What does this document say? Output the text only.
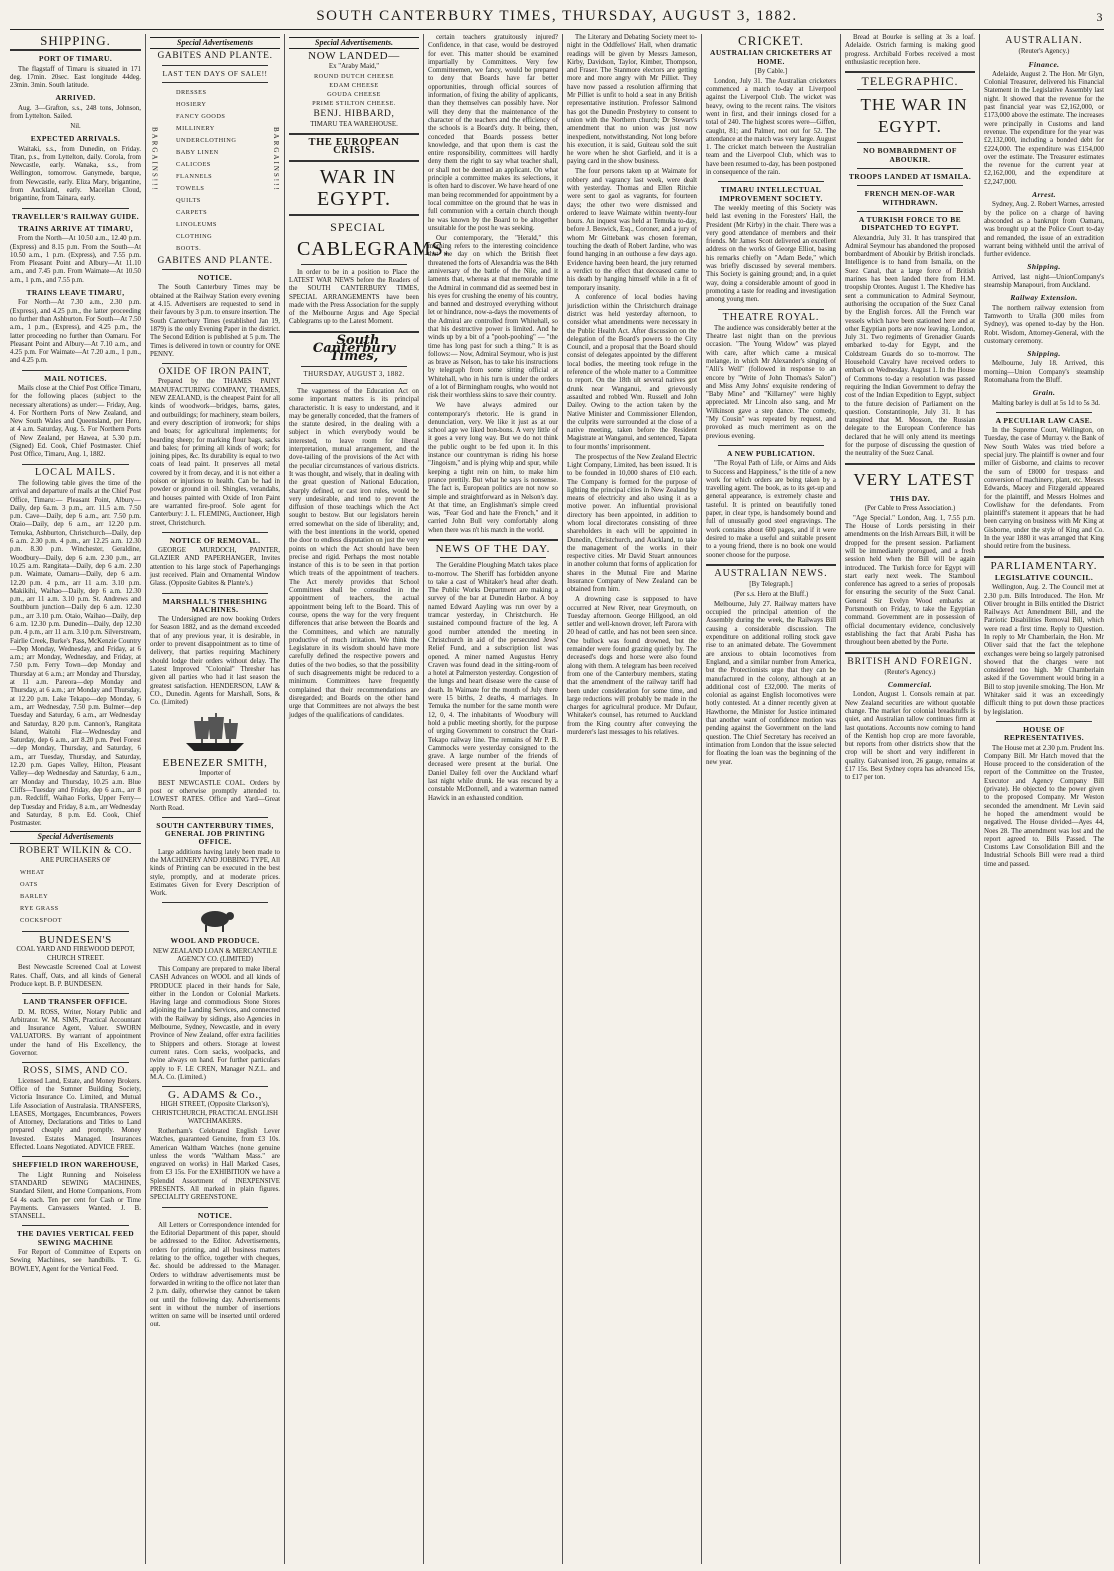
SOUTH CANTERBURY TIMES, THURSDAY, AUGUST 3, 1882.	3
SHIPPING.
PORT OF TIMARU.

The flagstaff of Timaru is situated in 171 deg. 17min. 20sec. East longitude 44deg. 23min. 3min. South latitude.

ARRIVED.

Aug. 3—Grafton, s.s., 248 tons, Johnson, from Lyttelton. Sailed.

Nil.

EXPECTED ARRIVALS.

Waitaki, s.s., from Dunedin, on Friday. Titan, p.s., from Lyttelton, daily. Corola, from Newcastle, early. Wanaka, s.s., from Wellington, tomorrow. Ganymede, barque, from Newcastle, early. Eliza Mary, brigantine, from Auckland, early. Macellan Cloud, brigantine, from Tainara, early.

TRAVELLER'S RAILWAY GUIDE.
TRAINS ARRIVE AT TIMARU,

From the North—At 10.50 a.m., 12.40 p.m. (Express) and 8.15 p.m. From the South—At 10.50 a.m., 1 p.m. (Express), and 7.55 p.m. From Pleasant Point and Albury—At 11.10 a.m., and 7.45 p.m. From Waimate—At 10.50 a.m., 1 p.m., and 7.55 p.m.

TRAINS LEAVE TIMARU,

For North—At 7.30 a.m., 2.30 p.m. (Express), and 4.25 p.m., the latter proceeding no further than Ashburton. For South—At 7.50 a.m., 1 p.m., (Express), and 4.25 p.m., the latter proceeding no further than Oamaru. For Pleasant Point and Albury—At 7.10 a.m., and 4.25 p.m. For Waimate—At 7.20 a.m., 1 p.m., and 4.25 p.m.

MAIL NOTICES.

Mails close at the Chief Post Office Timaru, for the following places (subject to the necessary alterations) as under:— Friday, Aug. 4. For Northern Ports of New Zealand, and New South Wales and Queensland, per Hero, at 4 a.m. Saturday, Aug. 5. For Northern Ports of New Zealand, per Hawea, at 5.30 p.m. (Signed) Ed. Cook, Chief Postmaster. Chief Post Office, Timaru, Aug. 1, 1882.

LOCAL MAILS.

The following table gives the time of the arrival and departure of mails at the Chief Post Office, Timaru:— Pleasant Point, Albury—Daily, dep 6a.m. 3 p.m., arr. 11.5 a.m. 7.50 p.m. Cave—Daily, dep 6 a.m., arr. 7.50 p.m. Otaio—Daily, dep 6 a.m., arr 12.20 p.m. Temuka, Ashburton, Christchurch—Daily, dep 6 a.m. 2.30 p.m. 4 p.m., arr 12.25 a.m. 12.30 p.m. 8.30 p.m. Winchester, Geraldine, Woodbury—Daily, dep 6 a.m. 2.30 p.m., arr 10.25 a.m. Rangitata—Daily, dep 6 a.m. 2.30 p.m. Waimate, Oamaru—Daily, dep 6 a.m. 12.20 p.m. 4 p.m., arr 11 a.m. 3.10 p.m. Makikihi, Waihao—Daily, dep 6 a.m. 12.30 p.m., arr 11 a.m. 3.10 p.m. St. Andrews and Southburn junction—Daily dep 6 a.m. 12.30 p.m., arr 3.10 p.m. Otaio, Waihao—Daily, dep 6 a.m. 12.30 p.m. Dunedin—Daily, dep 12.30 p.m. 4 p.m., arr 11 a.m. 3.10 p.m. Silverstream, Fairlie Creek, Burke's Pass, McKenzie Country—Dep Monday, Wednesday, and Friday, at 6 a.m.; arr Monday, Wednesday, and Friday, at 7.50 p.m. Ferry Town—dep Monday and Thursday at 6 a.m.; arr Monday and Thursday, at 11 a.m. Pareora—dep Monday and Thursday, at 6 a.m.; arr Monday and Thursday, at 12.20 p.m. Lake Tekapo—dep Monday, 6 a.m., arr Wednesday, 7.50 p.m. Bulmer—dep Tuesday and Saturday, 6 a.m., arr Wednesday and Saturday, 8.20 p.m. Cannon's, Rangitata Island, Waitohi Flat—Wednesday and Saturday, dep 6 a.m., arr 8.20 p.m. Peel Forest—dep Monday, Thursday, and Saturday, 6 a.m., arr Tuesday, Thursday, and Saturday, 12.20 p.m. Gapes Valley, Hilton, Pleasant Valley—dep Wednesday and Saturday, 6 a.m., arr Monday and Thursday, 10.25 a.m. Blue Cliffs—Tuesday and Friday, dep 6 a.m., arr 8 p.m. Redcliff, Waihao Forks, Upper Ferry—dep Tuesday and Friday, 8 a.m., arr Wednesday and Saturday, 8 p.m. Ed. Cook, Chief Postmaster.

Special Advertisements

ROBERT WILKIN & CO.

ARE PURCHASERS OF

WHEAT
OATS
BARLEY
RYE GRASS
COCKSFOOT

BUNDESEN'S

COAL YARD AND FIREWOOD DEPOT, CHURCH STREET.

Best Newcastle Screened Coal at Lowest Rates. Chaff, Oats, and all kinds of General Produce kept. B. P. BUNDESEN.

LAND TRANSFER OFFICE.

D. M. ROSS, Writer, Notary Public and Arbitrator. W. M. SIMS, Practical Accountant and Insurance Agent, Valuer. SWORN VALUATORS. By warrant of appointment under the hand of His Excellency, the Governor.

ROSS, SIMS, AND CO.

Licensed Land, Estate, and Money Brokers. Office of the Sumner Building Society, Victoria Insurance Co. Limited, and Mutual Life Association of Australasia. TRANSFERS, LEASES, Mortgages, Encumbrances, Powers of Attorney, Declarations and Titles to Land prepared cheaply and promptly. Money Invested. Estates Managed. Insurances Effected. Loans Negotiated. ADVICE FREE.

SHEFFIELD IRON WAREHOUSE,

The Light Running and Noiseless STANDARD SEWING MACHINES, Standard Silent, and Home Companions, From £4 4s each. Ten per cent for Cash or Time Payments. Canvassers Wanted. J. B. STANSELL.

THE DAVIES VERTICAL FEED SEWING MACHINE

For Report of Committee of Experts on Sewing Machines, see handbills. T. G. BOWLEY, Agent for the Vertical Feed.

Special Advertisements

GABITES AND PLANTE.

LAST TEN DAYS OF SALE!!

BARGAINS!!!	BARGAINS!!!
DRESSES
HOSIERY
FANCY GOODS
MILLINERY
UNDERCLOTHING
BABY LINEN
CALICOES
FLANNELS
TOWELS
QUILTS
CARPETS
LINOLEUMS
CLOTHING
BOOTS.

GABITES AND PLANTE.

NOTICE.

The South Canterbury Times may be obtained at the Railway Station every evening at 4.15. Advertisers are requested to send in their favours by 3 p.m. to ensure insertion. The South Canterbury Times (established Jan 19, 1879) is the only Evening Paper in the district. The Second Edition is published at 5 p.m. The Times is delivered in town or country for ONE PENNY.

OXIDE OF IRON PAINT,

Prepared by the THAMES PAINT MANUFACTURING COMPANY, THAMES, NEW ZEALAND, is the cheapest Paint for all kinds of woodwork—bridges, barns, gates, and outbuildings; for machinery, steam boilers, and every description of ironwork; for ships and boats; for agricultural implements; for bearding sheep; for marking flour bags, sacks and bales; for priming all kinds of work; for joining pipes, &c. Its durability is equal to two coats of lead paint. It preserves all metal covered by it from decay, and it is not either a poison or injurious to health. Can be had in powder or ground in oil. Shingles, verandahs, and houses painted with Oxide of Iron Paint are warranted fire-proof. Sole agent for Canterbury: J. L. FLEMING, Auctioneer, High street, Christchurch.

NOTICE OF REMOVAL.

GEORGE MURDOCH, PAINTER, GLAZIER AND PAPERHANGER, Invites attention to his large stock of Paperhangings just received. Plain and Ornamental Window Glass. (Opposite Gabites & Plante's.)

MARSHALL'S THRESHING MACHINES.

The Undersigned are now booking Orders for Season 1882, and as the demand exceeded that of any previous year, it is desirable, in order to prevent disappointment as to time of delivery, that parties requiring Machinery should lodge their orders without delay. The Latest Improved "Colonial" Thresher has given all parties who had it last season the greatest satisfaction. HENDERSON, LAW & CO., Dunedin. Agents for Marshall, Sons, & Co. (Limited)

EBENEZER SMITH,

Importer of

BEST NEWCASTLE COAL. Orders by post or otherwise promptly attended to. LOWEST RATES. Office and Yard—Great North Road.

SOUTH CANTERBURY TIMES, GENERAL JOB PRINTING OFFICE.

Large additions having lately been made to the MACHINERY AND JOBBING TYPE, All kinds of Printing can be executed in the best style, promptly, and at moderate prices. Estimates Given for Every Description of Work.

WOOL AND PRODUCE.

NEW ZEALAND LOAN & MERCANTILE AGENCY CO. (LIMITED)

This Company are prepared to make liberal CASH Advances on WOOL and all kinds of PRODUCE placed in their hands for Sale, either in the London or Colonial Markets. Having large and commodious Stone Stores adjoining the Landing Services, and connected with the Railway by sidings, also Agencies in Melbourne, Sydney, Newcastle, and in every Province of New Zealand, offer extra facilities to Shippers and others. Storage at lowest current rates. Corn sacks, woolpacks, and twine always on hand. For further particulars apply to F. LE CREN, Manager N.Z.L. and M.A. Co. (Limited.)

G. ADAMS & Co.,

HIGH STREET, (Opposite Clarkson's), CHRISTCHURCH, PRACTICAL ENGLISH WATCHMAKERS.

Rotherham's Celebrated English Lever Watches, guaranteed Genuine, from £3 10s. American Waltham Watches (none genuine unless the words "Waltham Mass." are engraved on works) in Hall Marked Cases, from £3 15s. For the EXHIBITION we have a Splendid Assortment of INEXPENSIVE PRESENTS. All marked in plain figures. SPECIALITY GREENSTONE.

NOTICE.

All Letters or Correspondence intended for the Editorial Department of this paper, should be addressed to the Editor. Advertisements, orders for printing, and all business matters relating to the office, together with cheques, &c. should be addressed to the Manager. Orders to withdraw advertisements must be forwarded in writing to the office not later than 2 p.m. daily, otherwise they cannot be taken out until the following day. Advertisements sent in without the number of insertions written on same will be inserted until ordered out.

Special Advertisements.

NOW LANDED—

Ex "Araby Maid,"

ROUND DUTCH CHEESE
EDAM CHEESE
GOUDA CHEESE
PRIME STILTON CHEESE.

BENJ. HIBBARD,

TIMARU TEA WAREHOUSE.

THE EUROPEAN CRISIS.

WAR IN EGYPT.

SPECIAL

CABLEGRAMS.

In order to be in a position to Place the LATEST WAR NEWS before the Readers of the SOUTH CANTERBURY TIMES, SPECIAL ARRANGEMENTS have been made with the Press Association for the supply of the Melbourne Argus and Age Special Cablegrams up to the Latest Moment.

South Canterbury Times,

THURSDAY, AUGUST 3, 1882.

The vagueness of the Education Act on some important matters is its principal characteristic. It is easy to understand, and it may be generally conceded, that the framers of the statute desired, in the dealing with a subject in which everybody would be interested, to leave room for liberal interpretation, mutual arrangement, and the dove-tailing of the provisions of the Act with the peculiar circumstances of various districts. It was thought, and wisely, that in dealing with the great question of National Education, sharply defined, or cast iron rules, would be very undesirable, and tend to prevent the diffusion of those teachings which the Act sought to bestow. But our legislators herein erred somewhat on the side of liberality; and, with the best intentions in the world, opened the door to endless disputation on just the very points on which the Act should have been precise and rigid. Perhaps the most notable instance of this is to be seen in that portion which treats of the appointment of teachers. The Act merely provides that School Committees shall be consulted in the appointment of teachers, the actual appointment being left to the Board. This of course, opens the way for the very frequent differences that arise between the Boards and the Committees, and which are naturally productive of much irritation. We think the Legislature in its wisdom should have more carefully defined the respective powers and duties of the two bodies, so that the possibility of such disagreements might be reduced to a minimum. Committees have frequently complained that their recommendations are disregarded; and Boards on the other hand urge that Committees are not always the best judges of the qualifications of candidates.

certain teachers gratuitously injured? Confidence, in that case, would be destroyed for ever. This matter should be examined impartially by Committees. Very few Committeemen, we fancy, would be prepared to deny that Boards have far better opportunities, through official sources of information, of fixing the ability of applicants, than they themselves can possibly have. Nor will they deny that the maintenance of the character of the teachers and the efficiency of the schools is a Board's duty. It being, then, conceded that Boards possess better knowledge, and that upon them is cast the entire responsibility, committees will hardly deny them the right to say what teacher shall, or shall not be deemed an applicant. On what principle a committee makes its selections, it is often hard to discover. We have heard of one man being recommended for appointment by a local committee on the ground that he was in full communion with a certain church though he was known by the Board to be altogether unsuitable for the post he was seeking.

Our contemporary, the "Herald," this morning refers to the interesting coincidence that the day on which the British fleet threatened the forts of Alexandria was the 84th anniversary of the battle of the Nile, and it laments that, whereas at that memorable time the Admiral in command did as seemed best in his eyes for crushing the enemy of his country, and banned and destroyed everything without let or hindrance, now-a-days the movements of the Admiral are controlled from Whitehall, so that his destructive power is limited. And he winds up by a bit of a "pooh-poohing" — "the time has long past for such a thing." It is as follows:— Now, Admiral Seymour, who is just as brave as Nelson, has to take his instructions by telegraph from some sitting official at Whitehall, who in his turn is under the orders of a lot of Birmingham roughs, who would not risk their worthless skins to save their country.

We have always admired our contemporary's rhetoric. He is grand in denunciation, very. We like it just as at our school age we liked bon-bons. A very little of it goes a very long way. But we do not think the public ought to be fed upon it. In this instance our countryman is riding his horse "Jingoism," and is plying whip and spur, while keeping a tight rein on him, to make him prance prettily. But what he says is nonsense. The fact is, European politics are not now so simple and straightforward as in Nelson's day. At that time, an Englishman's simple creed was, "Fear God and hate the French," and it carried John Bull very comfortably along when there was n't his match in the world.

NEWS OF THE DAY.

The Geraldine Ploughing Match takes place to-morrow. The Sheriff has forbidden anyone to take a cast of Whitaker's head after death. The Public Works Department are making a survey of the bar at Dunedin Harbor. A boy named Edward Aayling was run over by a tramcar yesterday, in Christchurch. He sustained compound fracture of the leg. A good number attended the meeting in Christchurch in aid of the persecuted Jews' Relief Fund, and a subscription list was opened. A miner named Augustus Henry Craven was found dead in the sitting-room of a hotel at Palmerston yesterday. Congestion of the lungs and heart disease were the cause of death. In Waimate for the month of July there were 15 births, 2 deaths, 4 marriages. In Temuka the number for the same month were 12, 0, 4. The inhabitants of Woodbury will hold a public meeting shortly, for the purpose of urging Government to construct the Orari-Tekapo railway line. The remains of Mr P. B. Cammocks were yesterday consigned to the grave. A large number of the friends of deceased were present at the burial. One Daniel Dailey fell over the Auckland wharf last night while drunk. He was rescued by a constable McDonnell, and a waterman named Hawick in an exhausted condition.

The Literary and Debating Society meet to-night in the Oddfellows' Hall, when dramatic readings will be given by Messrs Jameson, Kirby, Davidson, Taylor, Kimber, Thompson, and Fraser. The Stanmore electors are getting more and more angry with Mr Pilliet. They have now passed a resolution affirming that Mr Pilliet is unfit to hold a seat in any British representative institution. Professor Salmond has got the Dunedin Presbytery to consent to union with the Northern church; Dr Stewart's amendment that no union was just now inexpedient, notwithstanding. Not long before his execution, it is said, Guiteau sold the suit he wore when he shot Garfield, and it is a paying card in the show business.

The four persons taken up at Waimate for robbery and vagrancy last week, were dealt with yesterday. Thomas and Ellen Ritchie were sent to gaol as vagrants, for fourteen days; the other two were dismissed and ordered to leave Waimate within twenty-four hours. An inquest was held at Temuka to-day, before J. Beswick, Esq., Coroner, and a jury of whom Mr Gittebank was chosen foreman, touching the death of Robert Jardine, who was found hanging in an outhouse a few days ago. Evidence having been heard, the jury returned a verdict to the effect that deceased came to his death by hanging himself while in a fit of temporary insanity.

A conference of local bodies having jurisdiction within the Christchurch drainage district was held yesterday afternoon, to consider what amendments were necessary in the Public Health Act. After discussion on the delegation of the Board's powers to the City Council, and a proposal that the Board should consist of delegates appointed by the different local bodies, the meeting took refuge in the reference of the whole matter to a Committee to report. On the 18th ult several natives got drunk near Wanganui, and grievously assaulted and robbed Wm. Russell and John Dailey. Owing to the action taken by the Native Minister and Commissioner Ellendon, the culprits were surrounded at the close of a native meeting, taken before the Resident Magistrate at Wanganui, and sentenced, Tapata to four months' imprisonment.

The prospectus of the New Zealand Electric Light Company, Limited, has been issued. It is to be founded in 10,000 shares of £10 each. The Company is formed for the purpose of lighting the principal cities in New Zealand by means of electricity and also using it as a motive power. An influential provisional directory has been appointed, in addition to whom local directorates consisting of three shareholders in each will be appointed in Dunedin, Christchurch, and Auckland, to take the management of the works in their respective cities. Mr David Stuart announces in another column that forms of application for shares in the Mutual Fire and Marine Insurance Company of New Zealand can be obtained from him.

A drowning case is supposed to have occurred at New River, near Greymouth, on Tuesday afternoon. George Hillgood, an old settler and well-known drover, left Parora with 20 head of cattle, and has not been seen since. One bullock was found drowned, but the remainder were found grazing quietly by. The deceased's dogs and horse were also found along with them. A telegram has been received from one of the Canterbury members, stating that the amendment of the railway tariff had been under consideration for some time, and large reductions will probably be made in the charges for agricultural produce. Mr Dufaur, Whitaker's counsel, has returned to Auckland from the King country after conveying the murderer's last messages to his relatives.

CRICKET.
AUSTRALIAN CRICKETERS AT HOME.

[By Cable.]

London, July 31. The Australian cricketers commenced a match to-day at Liverpool against the Liverpool Club. The wicket was heavy, owing to the recent rains. The visitors went in first, and their innings closed for a total of 240. The highest scores were—Giffen, caught, 81; and Palmer, not out for 52. The attendance at the match was very large. August 1. The cricket match between the Australian team and the Liverpool Club, which was to have been resumed to-day, has been postponed in consequence of the rain.

TIMARU INTELLECTUAL IMPROVEMENT SOCIETY.

The weekly meeting of this Society was held last evening in the Foresters' Hall, the President (Mr Kirby) in the chair. There was a very good attendance of members and their friends. Mr James Scott delivered an excellent address on the works of George Elliot, basing his remarks chiefly on "Adam Bede," which was briefly discussed by several members. This Society is gaining ground; and, in a quiet way, doing a considerable amount of good in promoting a taste for reading and investigation among young men.

THEATRE ROYAL.

The audience was considerably better at the Theatre last night than on the previous occasion. "The Young Widow" was played with care, after which came a musical melange, in which Mr Alexander's singing of "Alli's Well" (followed in response to an encore by "Write of John Thomas's Salon") and Miss Amy Johns' exquisite rendering of "Baby Mine" and "Killarney" were highly appreciated. Mr Lincoln also sang, and Mr Wilkinson gave a step dance. The comedy, "My Cousin" was repeated by request, and provoked as much merriment as on the previous evening.

A NEW PUBLICATION.

"The Royal Path of Life, or Aims and Aids to Success and Happiness," is the title of a new work for which orders are being taken by a travelling agent. The book, as to its get-up and general appearance, is extremely chaste and tasteful. It is printed on beautifully toned paper, in clear type, is handsomely bound and full of unusually good steel engravings. The work contains about 600 pages, and if it were desired to make a useful and suitable present to a young friend, there is no book one would sooner choose for the purpose.

AUSTRALIAN NEWS.

[By Telegraph.]

(Per s.s. Hero at the Bluff.)

Melbourne, July 27. Railway matters have occupied the principal attention of the Assembly during the week, the Railways Bill causing a considerable discussion. The expenditure on additional rolling stock gave rise to an animated debate. The Government are anxious to obtain locomotives from England, and a similar number from America, but the Protectionists urge that they can be manufactured in the colony, although at an additional cost of £32,000. The merits of colonial as against English locomotives were hotly contested. At a dinner recently given at Hawthorne, the Minister for Justice intimated that another want of confidence motion was pending against the Government on the land question. The Chief Secretary has received an intimation from London that the issue selected for floating the loan was the beginning of the new year.

Bread at Bourke is selling at 3s a loaf. Adelaide. Ostrich farming is making good progress. Archibald Forbes received a most enthusiastic reception here.

TELEGRAPHIC.

THE WAR IN EGYPT.

NO BOMBARDMENT OF ABOUKIR.
TROOPS LANDED AT ISMAILA.
FRENCH MEN-OF-WAR WITHDRAWN.
A TURKISH FORCE TO BE DISPATCHED TO EGYPT.

Alexandria, July 31. It has transpired that Admiral Seymour has abandoned the proposed bombardment of Aboukir by British ironclads. Intelligence is to hand from Ismaila, on the Suez Canal, that a large force of British marines has been landed there from H.M. troopship Orontes. August 1. The Khedive has sent a communication to Admiral Seymour, authorising the occupation of the Suez Canal by the English forces. All the French war vessels which have been stationed here and at other Egyptian ports are now leaving. London, July 31. Two regiments of Grenadier Guards embarked to-day for Egypt, and the Coldstream Guards do so to-morrow. The Household Cavalry have received orders to embark on Wednesday. August 1. In the House of Commons to-day a resolution was passed requiring the Indian Government to defray the cost of the Indian Expedition to Egypt, subject to the future decision of Parliament on the question. Constantinople, July 31. It has transpired that M. Mosson, the Russian delegate to the European Conference has declared that he will only attend its meetings for the purpose of discussing the question of the neutrality of the Suez Canal.

VERY LATEST

THIS DAY.

(Per Cable to Press Association.)

"Age Special." London, Aug. 1, 7.55 p.m. The House of Lords persisting in their amendments on the Irish Arrears Bill, it will be dropped for the present session. Parliament will be immediately prorogued, and a fresh session held when the Bill will be again introduced. The Turkish force for Egypt will start early next week. The Stamboul conference has agreed to a series of proposals for ensuring the security of the Suez Canal. General Sir Evelyn Wood embarks at Portsmouth on Friday, to take the Egyptian command. Government are in possession of official documentary evidence, conclusively establishing the fact that Arabi Pasha has throughout been abetted by the Porte.

BRITISH AND FOREIGN.

(Reuter's Agency.)

Commercial.

London, August 1. Consols remain at par. New Zealand securities are without quotable change. The market for colonial breadstuffs is quiet, and Australian tallow continues firm at last quotations. Accounts now coming to hand of the Kentish hop crop are more favorable, but reports from other districts show that the crop will be short and very indifferent in quality. Galvanised iron, 26 gauge, remains at £17 15s. Best Sydney copra has advanced 15s, to £17 per ton.

AUSTRALIAN.

(Reuter's Agency.)

Finance.

Adelaide, August 2. The Hon. Mr Glyn, Colonial Treasurer, delivered his Financial Statement in the Legislative Assembly last night. It showed that the revenue for the past financial year was £2,162,000, or £173,000 above the estimate. The increases were principally in Customs and land revenue. The expenditure for the year was £2,132,000, including a bonded debt for £224,000. The expenditure was £154,000 over the estimate. The Treasurer estimates the revenue for the current year at £2,162,000, and the expenditure at £2,247,000.

Arrest.

Sydney, Aug. 2. Robert Warnes, arrested by the police on a charge of having absconded as a bankrupt from Oamaru, was brought up at the Police Court to-day and remanded, the issue of an extradition warrant being withheld until the arrival of further evidence.

Shipping.

Arrived, last night—UnionCompany's steamship Manapouri, from Auckland.

Railway Extension.

The northern railway extension from Tamworth to Uralla (300 miles from Sydney), was opened to-day by the Hon. Robt. Wisdom, Attorney-General, with the customary ceremony.

Shipping.

Melbourne, July 18. Arrived, this morning—Union Company's steamship Rotomahana from the Bluff.

Grain.

Malting barley is dull at 5s 1d to 5s 3d.

A PECULIAR LAW CASE.

In the Supreme Court, Wellington, on Tuesday, the case of Murray v. the Bank of New South Wales was tried before a special jury. The plaintiff is owner and four miller of Gisborne, and claims to recover the sum of £8000 for trespass and conversion of machinery, plant, etc. Messrs Edwards, Macey and Fitzgerald appeared for the plaintiff, and Messrs Holmes and Cowlishaw for the defendants. From plaintiff's statement it appears that he had been carrying on business with Mr King at Gisborne, under the style of King and Co. In the year 1880 it was arranged that King should retire from the business.

PARLIAMENTARY.
LEGISLATIVE COUNCIL.

Wellington, Aug. 2. The Council met at 2.30 p.m. Bills Introduced. The Hon. Mr Oliver brought in Bills entitled the District Railways Act Amendment Bill, and the Patriotic Disabilities Removal Bill, which were read a first time. Reply to Question. In reply to Mr Chamberlain, the Hon. Mr Oliver said that the fact the telephone exchanges were being so largely patronised showed that the charges were not considered too high. Mr Chamberlain asked if the Government would bring in a Bill to stop juvenile smoking. The Hon. Mr Whitaker said it was an exceedingly difficult thing to put down those practices by legislation.

HOUSE OF REPRESENTATIVES.

The House met at 2.30 p.m. Prudent Ins. Company Bill. Mr Hatch moved that the House proceed to the consideration of the report of the Committee on the Trustee, Executor and Agency Company Bill (private). He objected to the power given to the proposed Company. Mr Weston seconded the amendment. Mr Levin said he hoped the amendment would be negatived. The House divided—Ayes 44, Noes 28. The amendment was lost and the report agreed to. Bills Passed. The Customs Law Consolidation Bill and the Industrial Schools Bill were read a third time and passed.
